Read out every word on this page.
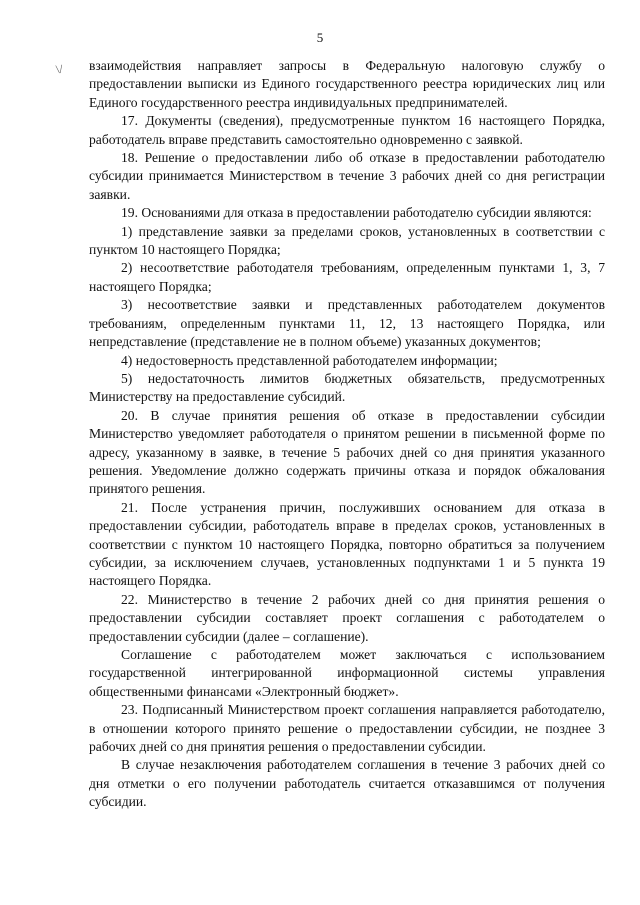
5
\/ взаимодействия направляет запросы в Федеральную налоговую службу о предоставлении выписки из Единого государственного реестра юридических лиц или Единого государственного реестра индивидуальных предпринимателей.

17. Документы (сведения), предусмотренные пунктом 16 настоящего Порядка, работодатель вправе представить самостоятельно одновременно с заявкой.

18. Решение о предоставлении либо об отказе в предоставлении работодателю субсидии принимается Министерством в течение 3 рабочих дней со дня регистрации заявки.

19. Основаниями для отказа в предоставлении работодателю субсидии являются:

1) представление заявки за пределами сроков, установленных в соответствии с пунктом 10 настоящего Порядка;

2) несоответствие работодателя требованиям, определенным пунктами 1, 3, 7 настоящего Порядка;

3) несоответствие заявки и представленных работодателем документов требованиям, определенным пунктами 11, 12, 13 настоящего Порядка, или непредставление (представление не в полном объеме) указанных документов;

4) недостоверность представленной работодателем информации;

5) недостаточность лимитов бюджетных обязательств, предусмотренных Министерству на предоставление субсидий.

20. В случае принятия решения об отказе в предоставлении субсидии Министерство уведомляет работодателя о принятом решении в письменной форме по адресу, указанному в заявке, в течение 5 рабочих дней со дня принятия указанного решения. Уведомление должно содержать причины отказа и порядок обжалования принятого решения.

21. После устранения причин, послуживших основанием для отказа в предоставлении субсидии, работодатель вправе в пределах сроков, установленных в соответствии с пунктом 10 настоящего Порядка, повторно обратиться за получением субсидии, за исключением случаев, установленных подпунктами 1 и 5 пункта 19 настоящего Порядка.

22. Министерство в течение 2 рабочих дней со дня принятия решения о предоставлении субсидии составляет проект соглашения с работодателем о предоставлении субсидии (далее – соглашение).

Соглашение с работодателем может заключаться с использованием государственной интегрированной информационной системы управления общественными финансами «Электронный бюджет».

23. Подписанный Министерством проект соглашения направляется работодателю, в отношении которого принято решение о предоставлении субсидии, не позднее 3 рабочих дней со дня принятия решения о предоставлении субсидии.

В случае незаключения работодателем соглашения в течение 3 рабочих дней со дня отметки о его получении работодатель считается отказавшимся от получения субсидии.
